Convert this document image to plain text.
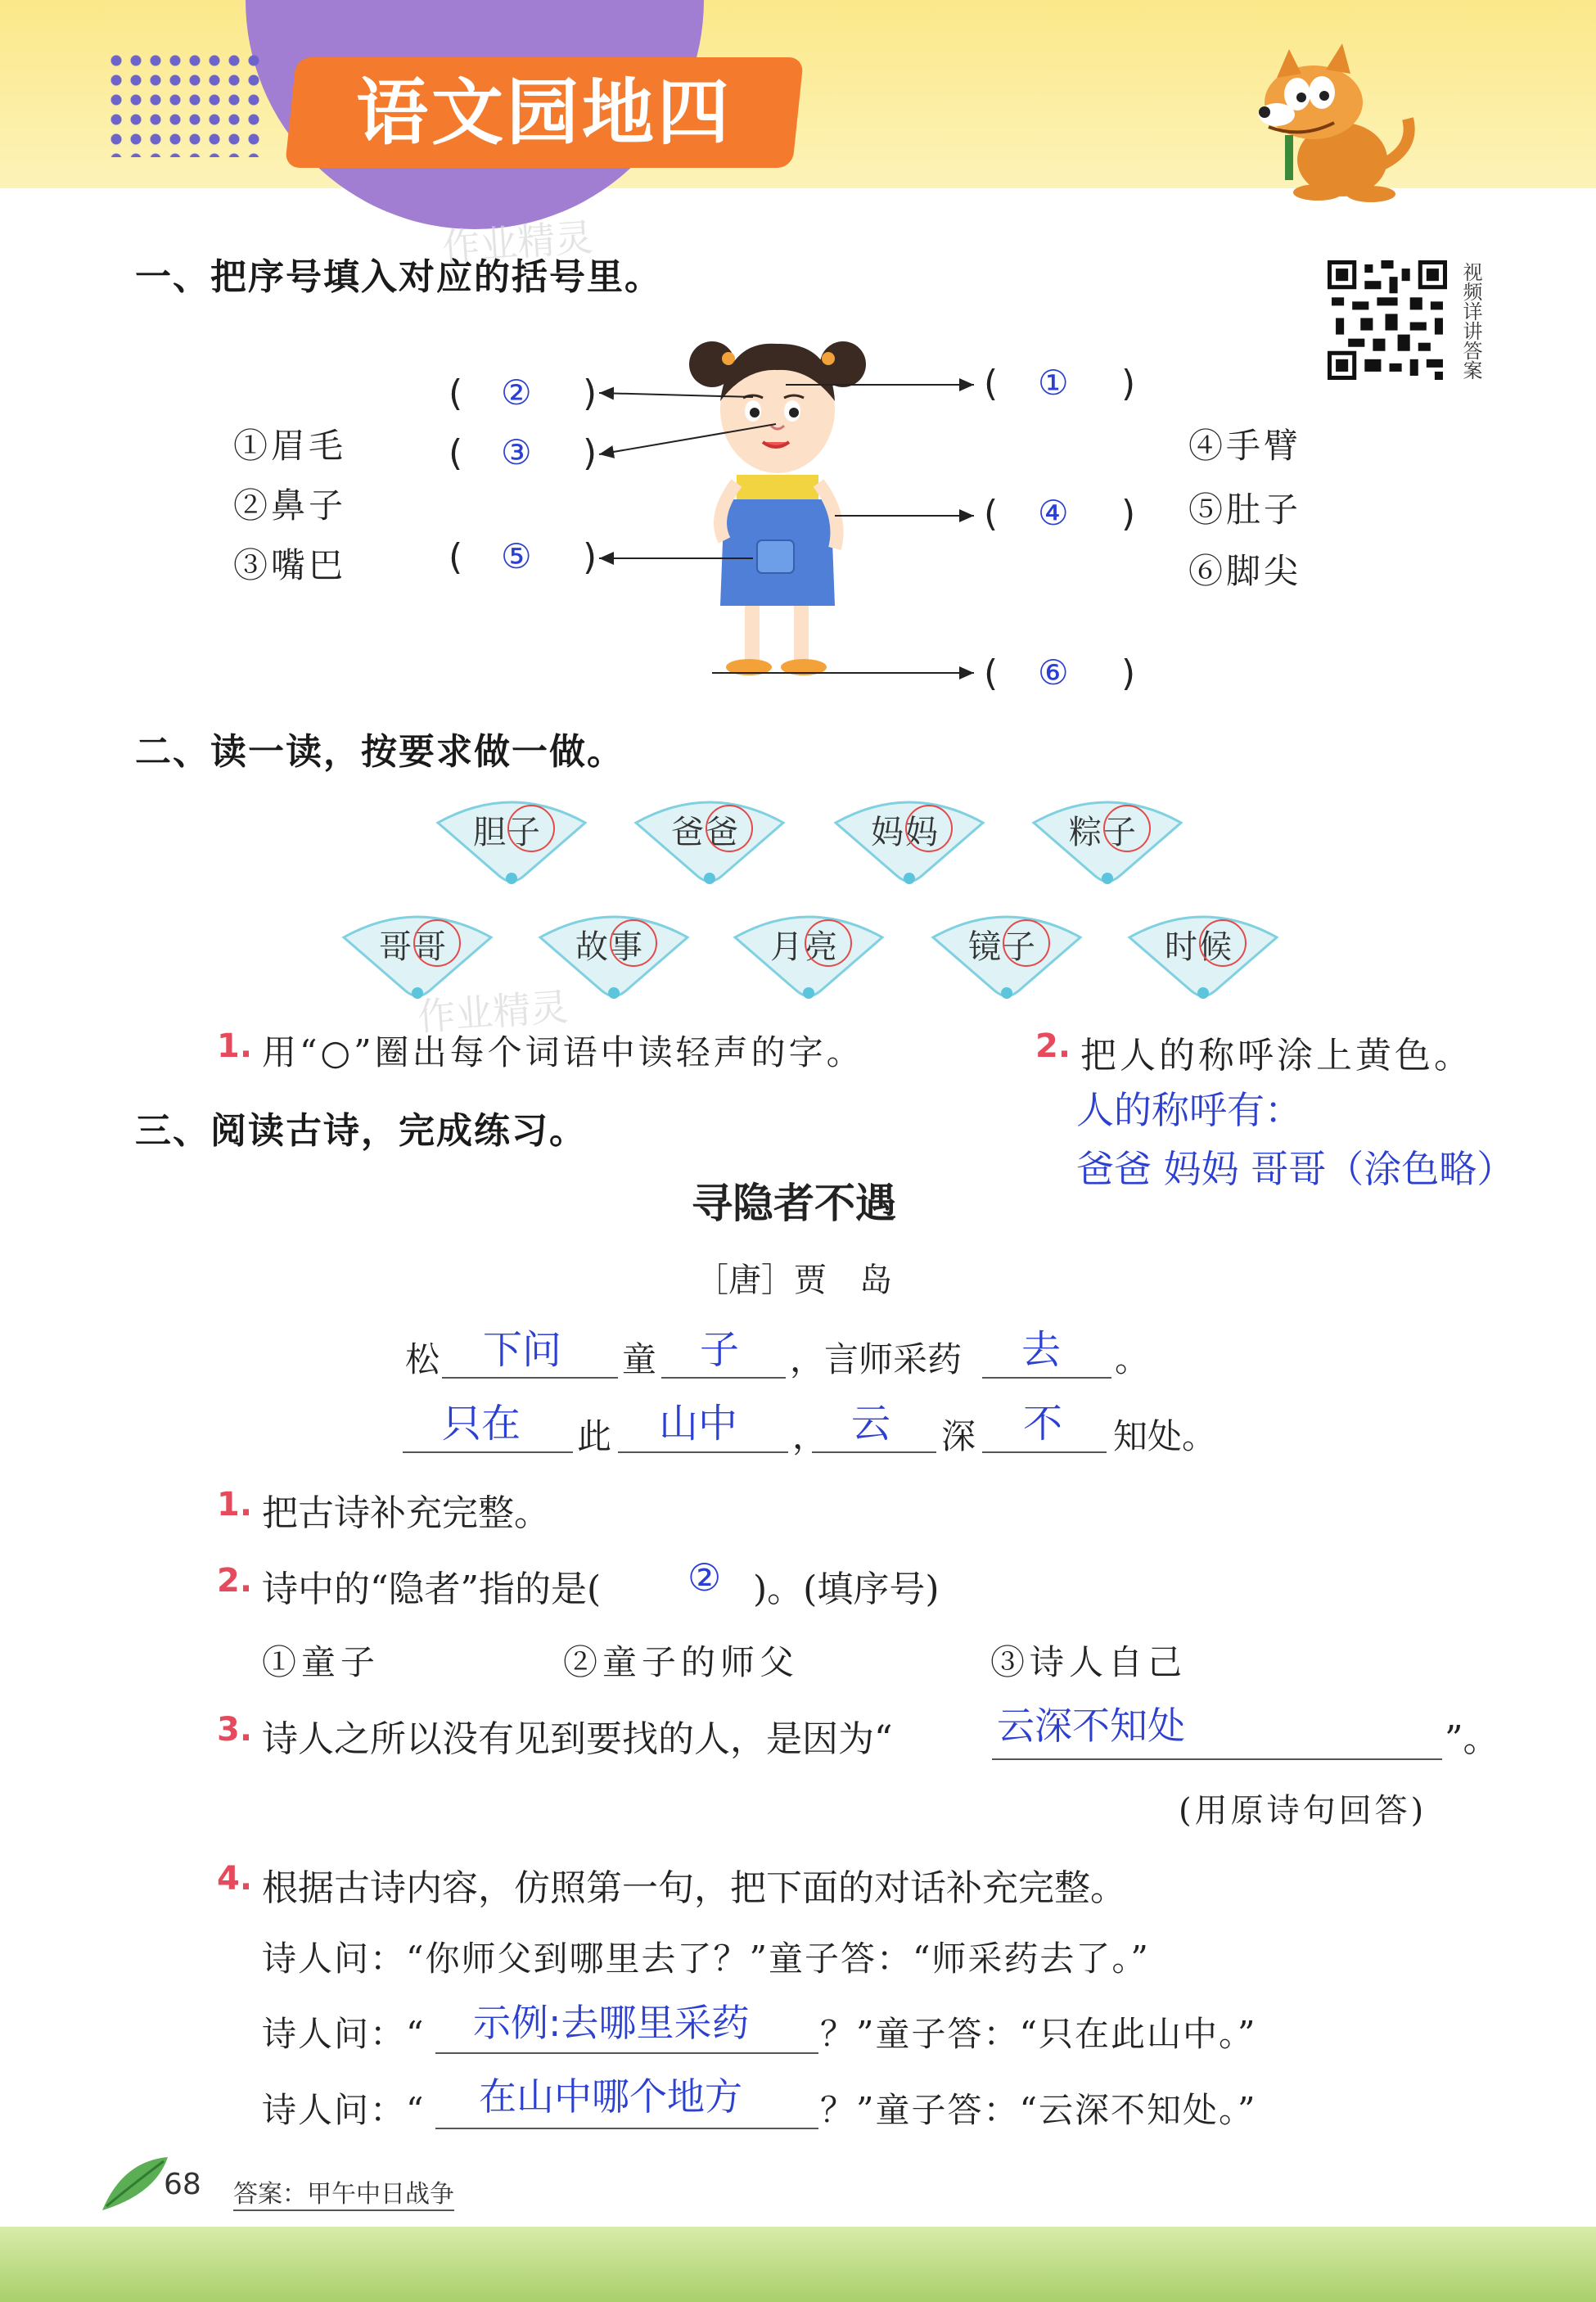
语文园地四
视频详讲答案
一、把序号填入对应的括号里。
①眉毛
②鼻子
③嘴巴
④手臂
⑤肚子
⑥脚尖
( ② )
( ③ )
( ⑤ )
( ① )
( ④ )
( ⑥ )
二、读一读，按要求做一做。
胆子	爸爸	妈妈	粽子
哥哥	故事	月亮	镜子	时候
1. 用“○”圈出每个词语中读轻声的字。	2. 把人的称呼涂上黄色。
人的称呼有：
爸爸 妈妈 哥哥（涂色略）
三、阅读古诗，完成练习。
寻隐者不遇
［唐］贾　岛
松 下问 童 子 ，言师采药 去 。
只在 此 山中 ， 云 深 不 知处。
1. 把古诗补充完整。
2. 诗中的“隐者”指的是( ② )。(填序号)
①童子	②童子的师父	③诗人自己
3. 诗人之所以没有见到要找的人，是因为“	云深不知处	”。
(用原诗句回答)
4. 根据古诗内容，仿照第一句，把下面的对话补充完整。
诗人问：“你师父到哪里去了？”童子答：“师采药去了。”
诗人问：“ 示例:去哪里采药 ？”童子答：“只在此山中。”
诗人问：“ 在山中哪个地方 ？”童子答：“云深不知处。”
作业精灵
作业精灵
68 答案：甲午中日战争
